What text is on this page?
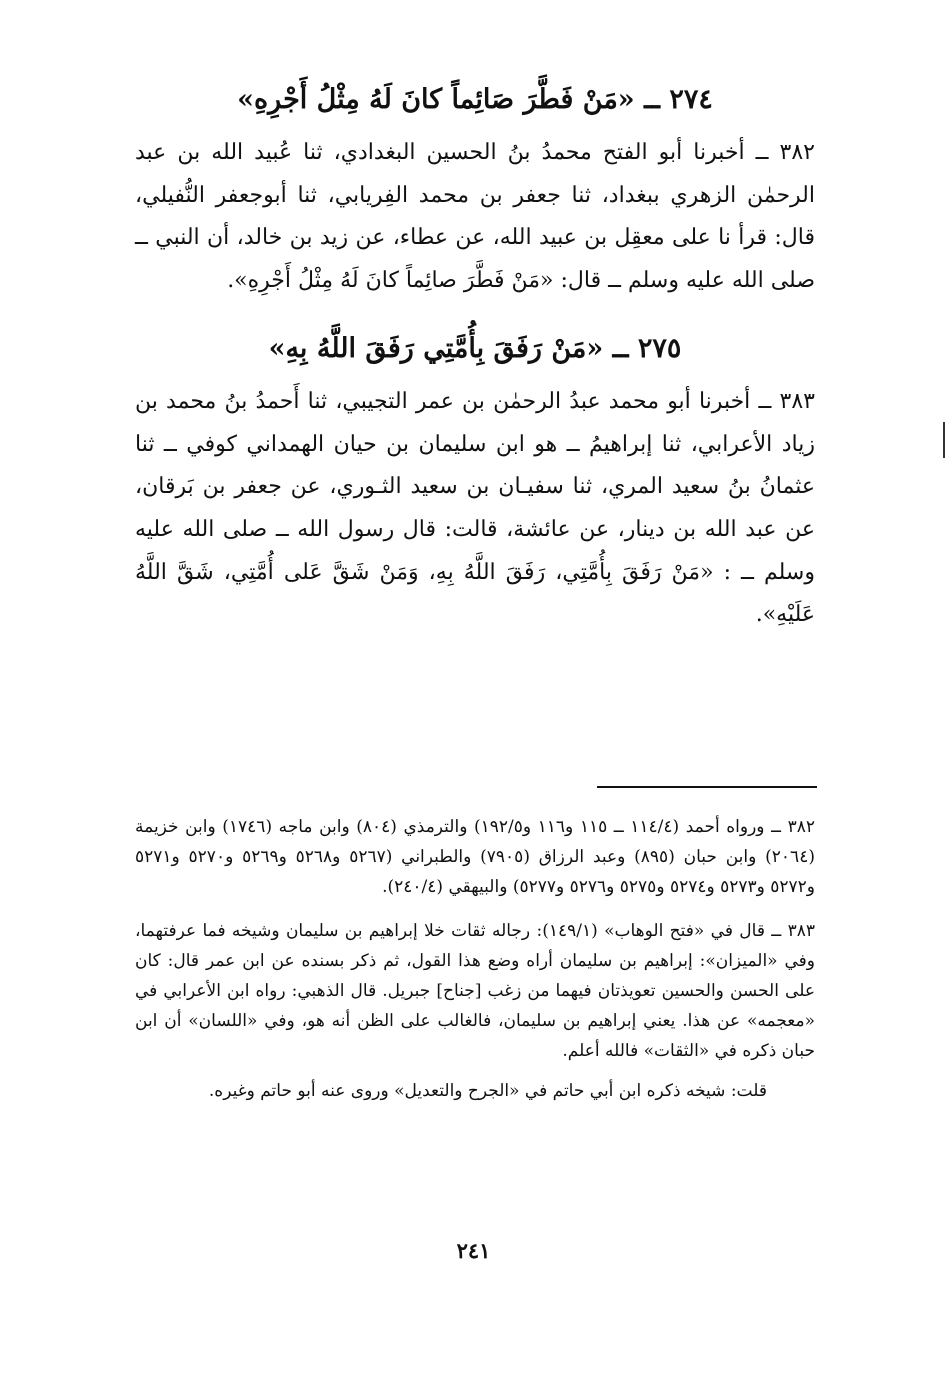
٢٧٤ ــ «مَنْ فَطَّرَ صَائِماً كانَ لَهُ مِثْلُ أَجْرِهِ»

٣٨٢ ــ أخبرنا أبو الفتح محمدُ بنُ الحسين البغدادي، ثنا عُبيد الله بن عبد الرحمٰن الزهري ببغداد، ثنا جعفر بن محمد الفِريابي، ثنا أبوجعفر النُّفيلي، قال: قرأ نا على معقِل بن عبيد الله، عن عطاء، عن زيد بن خالد، أن النبي ــ صلى الله عليه وسلم ــ قال: «مَنْ فَطَّرَ صائِماً كانَ لَهُ مِثْلُ أَجْرِهِ».

٢٧٥ ــ «مَنْ رَفَقَ بِأُمَّتِي رَفَقَ اللَّهُ بِهِ»

٣٨٣ ــ أخبرنا أبو محمد عبدُ الرحمٰن بن عمر التجيبي، ثنا أَحمدُ بنُ محمد بن زياد الأعرابي، ثنا إبراهيمُ ــ هو ابن سليمان بن حيان الهمداني كوفي ــ ثنا عثمانُ بنُ سعيد المري، ثنا سفيـان بن سعيد الثـوري، عن جعفر بن بَرقان، عن عبد الله بن دينار، عن عائشة، قالت: قال رسول الله ــ صلى الله عليه وسلم ــ : «مَنْ رَفَقَ بِأُمَّتِي، رَفَقَ اللَّهُ بِهِ، وَمَنْ شَقَّ عَلى أُمَّتِي، شَقَّ اللَّهُ عَلَيْهِ».

٣٨٢ ــ ورواه أحمد (١١٤/٤ ــ ١١٥ و١١٦ و١٩٢/٥) والترمذي (٨٠٤) وابن ماجه (١٧٤٦) وابن خزيمة (٢٠٦٤) وابن حبان (٨٩٥) وعبد الرزاق (٧٩٠٥) والطبراني (٥٢٦٧ و٥٢٦٨ و٥٢٦٩ و٥٢٧٠ و٥٢٧١ و٥٢٧٢ و٥٢٧٣ و٥٢٧٤ و٥٢٧٥ و٥٢٧٦ و٥٢٧٧) والبيهقي (٢٤٠/٤).

٣٨٣ ــ قال في «فتح الوهاب» (١٤٩/١): رجاله ثقات خلا إبراهيم بن سليمان وشيخه فما عرفتهما، وفي «الميزان»: إبراهيم بن سليمان أراه وضع هذا القول، ثم ذكر بسنده عن ابن عمر قال: كان على الحسن والحسين تعويذتان فيهما من زغب [جناح] جبريل. قال الذهبي: رواه ابن الأعرابي في «معجمه» عن هذا. يعني إبراهيم بن سليمان، فالغالب على الظن أنه هو، وفي «اللسان» أن ابن حبان ذكره في «الثقات» فالله أعلم.

قلت: شيخه ذكره ابن أبي حاتم في «الجرح والتعديل» وروى عنه أبو حاتم وغيره.

٢٤١
